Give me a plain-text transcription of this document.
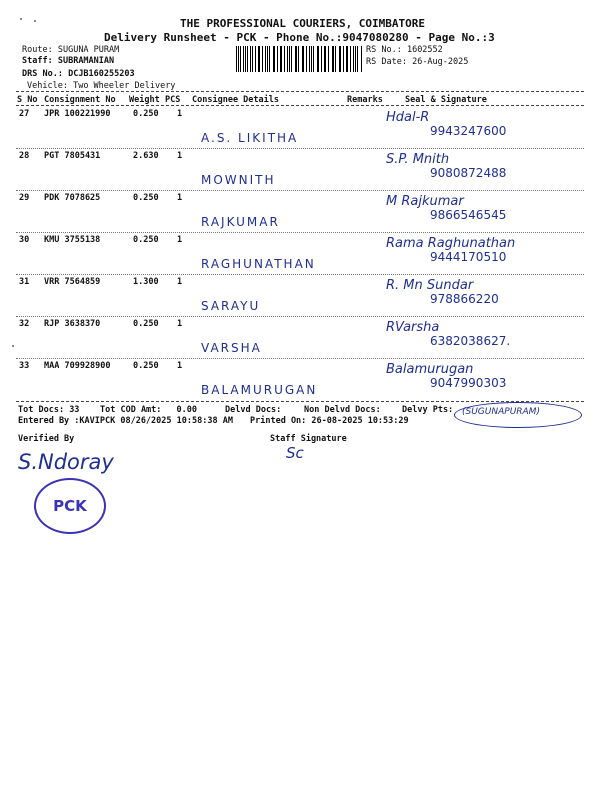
THE PROFESSIONAL COURIERS, COIMBATORE
Delivery Runsheet - PCK - Phone No.:9047080280 - Page No.:3
Route: SUGUNA PURAM
Staff: SUBRAMANIAN
DRS No.: DCJB160255203
Vehicle: Two Wheeler Delivery
RS No.: 1602552
RS Date: 26-Aug-2025
S No Consignment No Weight PCS Consignee Details	Remarks	Seal & Signature
27 JPR 100221990	0.250 1
A.S. LIKITHA
Hdal-R
9943247600
28 PGT 7805431	2.630 1
MOWNITH
S.P. Mnith
9080872488
29 PDK 7078625	0.250 1
RAJKUMAR
M Rajkumar
9866546545
30 KMU 3755138	0.250 1
RAGHUNATHAN
Rama Raghunathan
9444170510
31 VRR 7564859	1.300 1
SARAYU
R. Mn Sundar
978866220
32 RJP 3638370	0.250 1
VARSHA
RVarsha
6382038627.
33 MAA 709928900	0.250 1
BALAMURUGAN
Balamurugan
9047990303
Tot Docs: 33 Tot COD Amt: 0.00	Delvd Docs:	Non Delvd Docs: Delvy Pts: (SUGUNAPURAM)
Entered By :KAVIPCK 08/26/2025 10:58:38 AM Printed On: 26-08-2025 10:53:29
Verified By	Staff Signature
S.Ndoray	Sc
PCK
